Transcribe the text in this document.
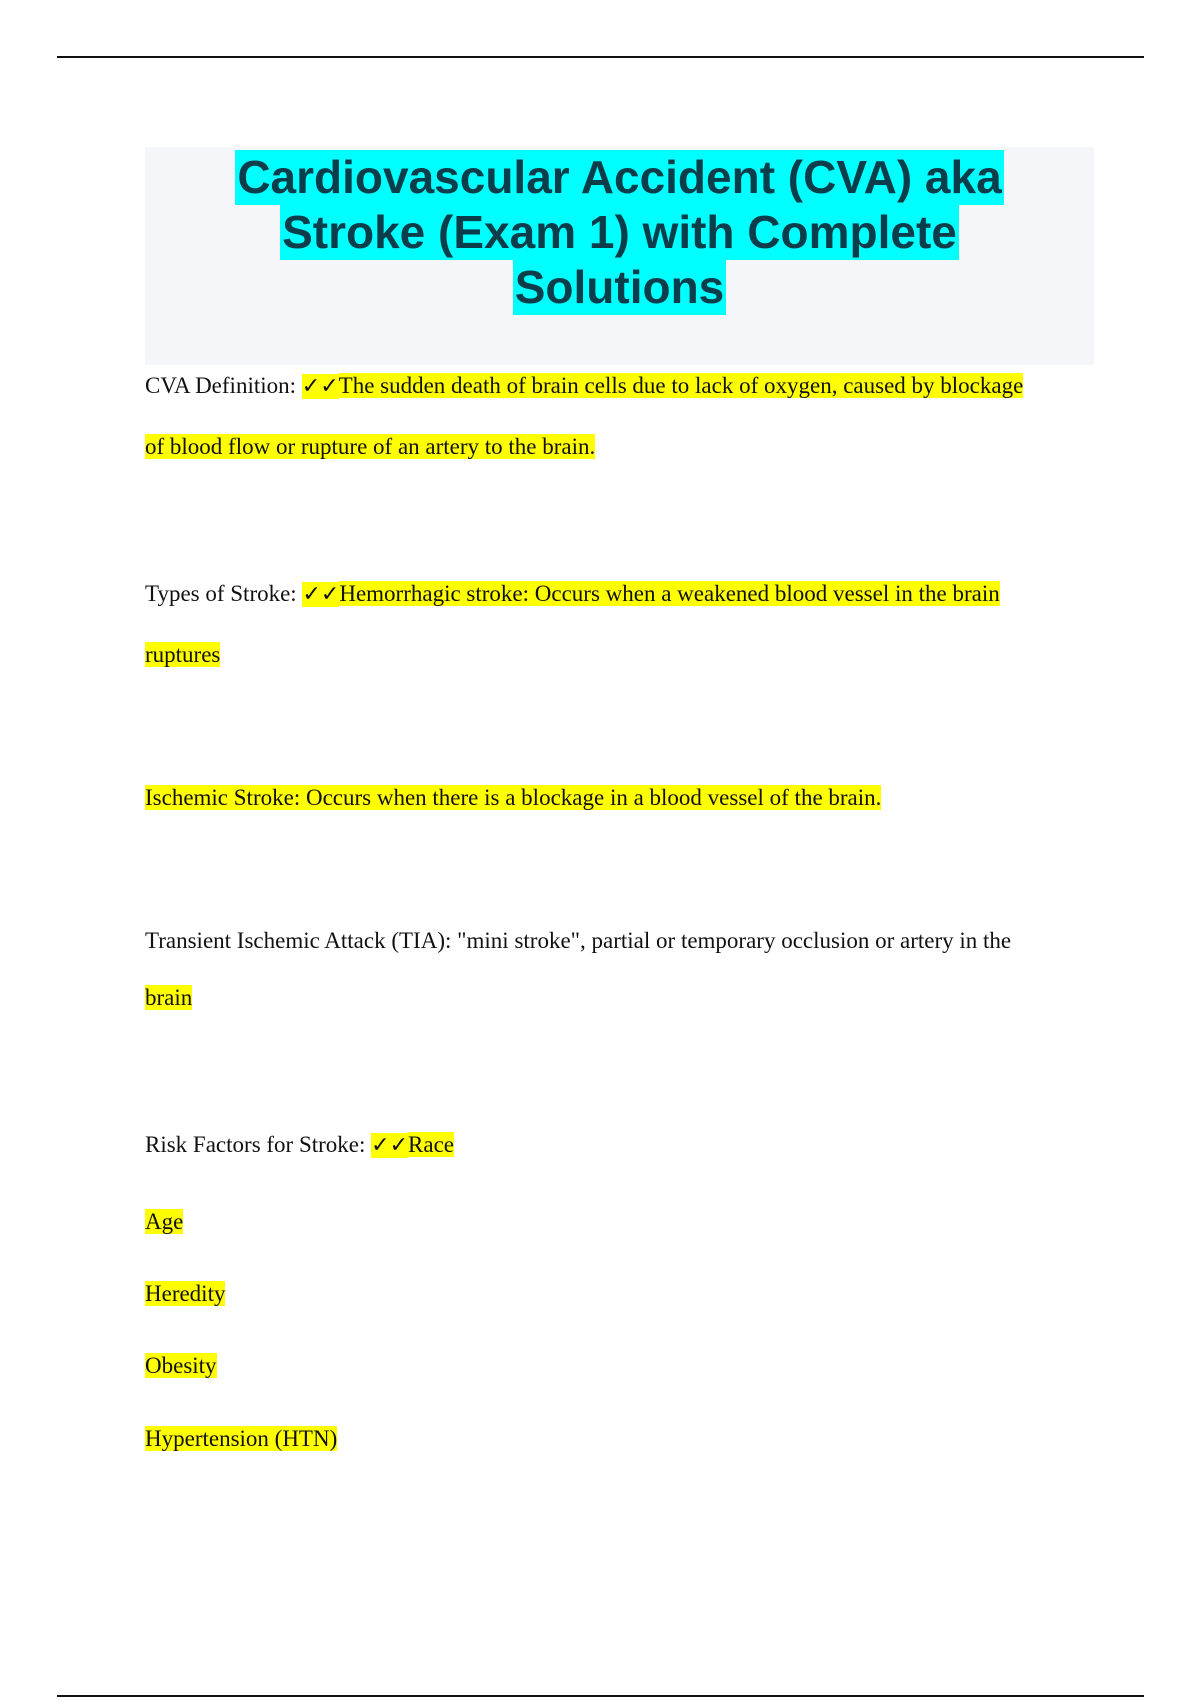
Cardiovascular Accident (CVA) aka
Stroke (Exam 1) with Complete
Solutions

CVA Definition: ✓✓The sudden death of brain cells due to lack of oxygen, caused by blockage
of blood flow or rupture of an artery to the brain.
Types of Stroke: ✓✓Hemorrhagic stroke: Occurs when a weakened blood vessel in the brain
ruptures
Ischemic Stroke: Occurs when there is a blockage in a blood vessel of the brain.
Transient Ischemic Attack (TIA): "mini stroke", partial or temporary occlusion or artery in the
brain
Risk Factors for Stroke: ✓✓Race
Age
Heredity
Obesity
Hypertension (HTN)
